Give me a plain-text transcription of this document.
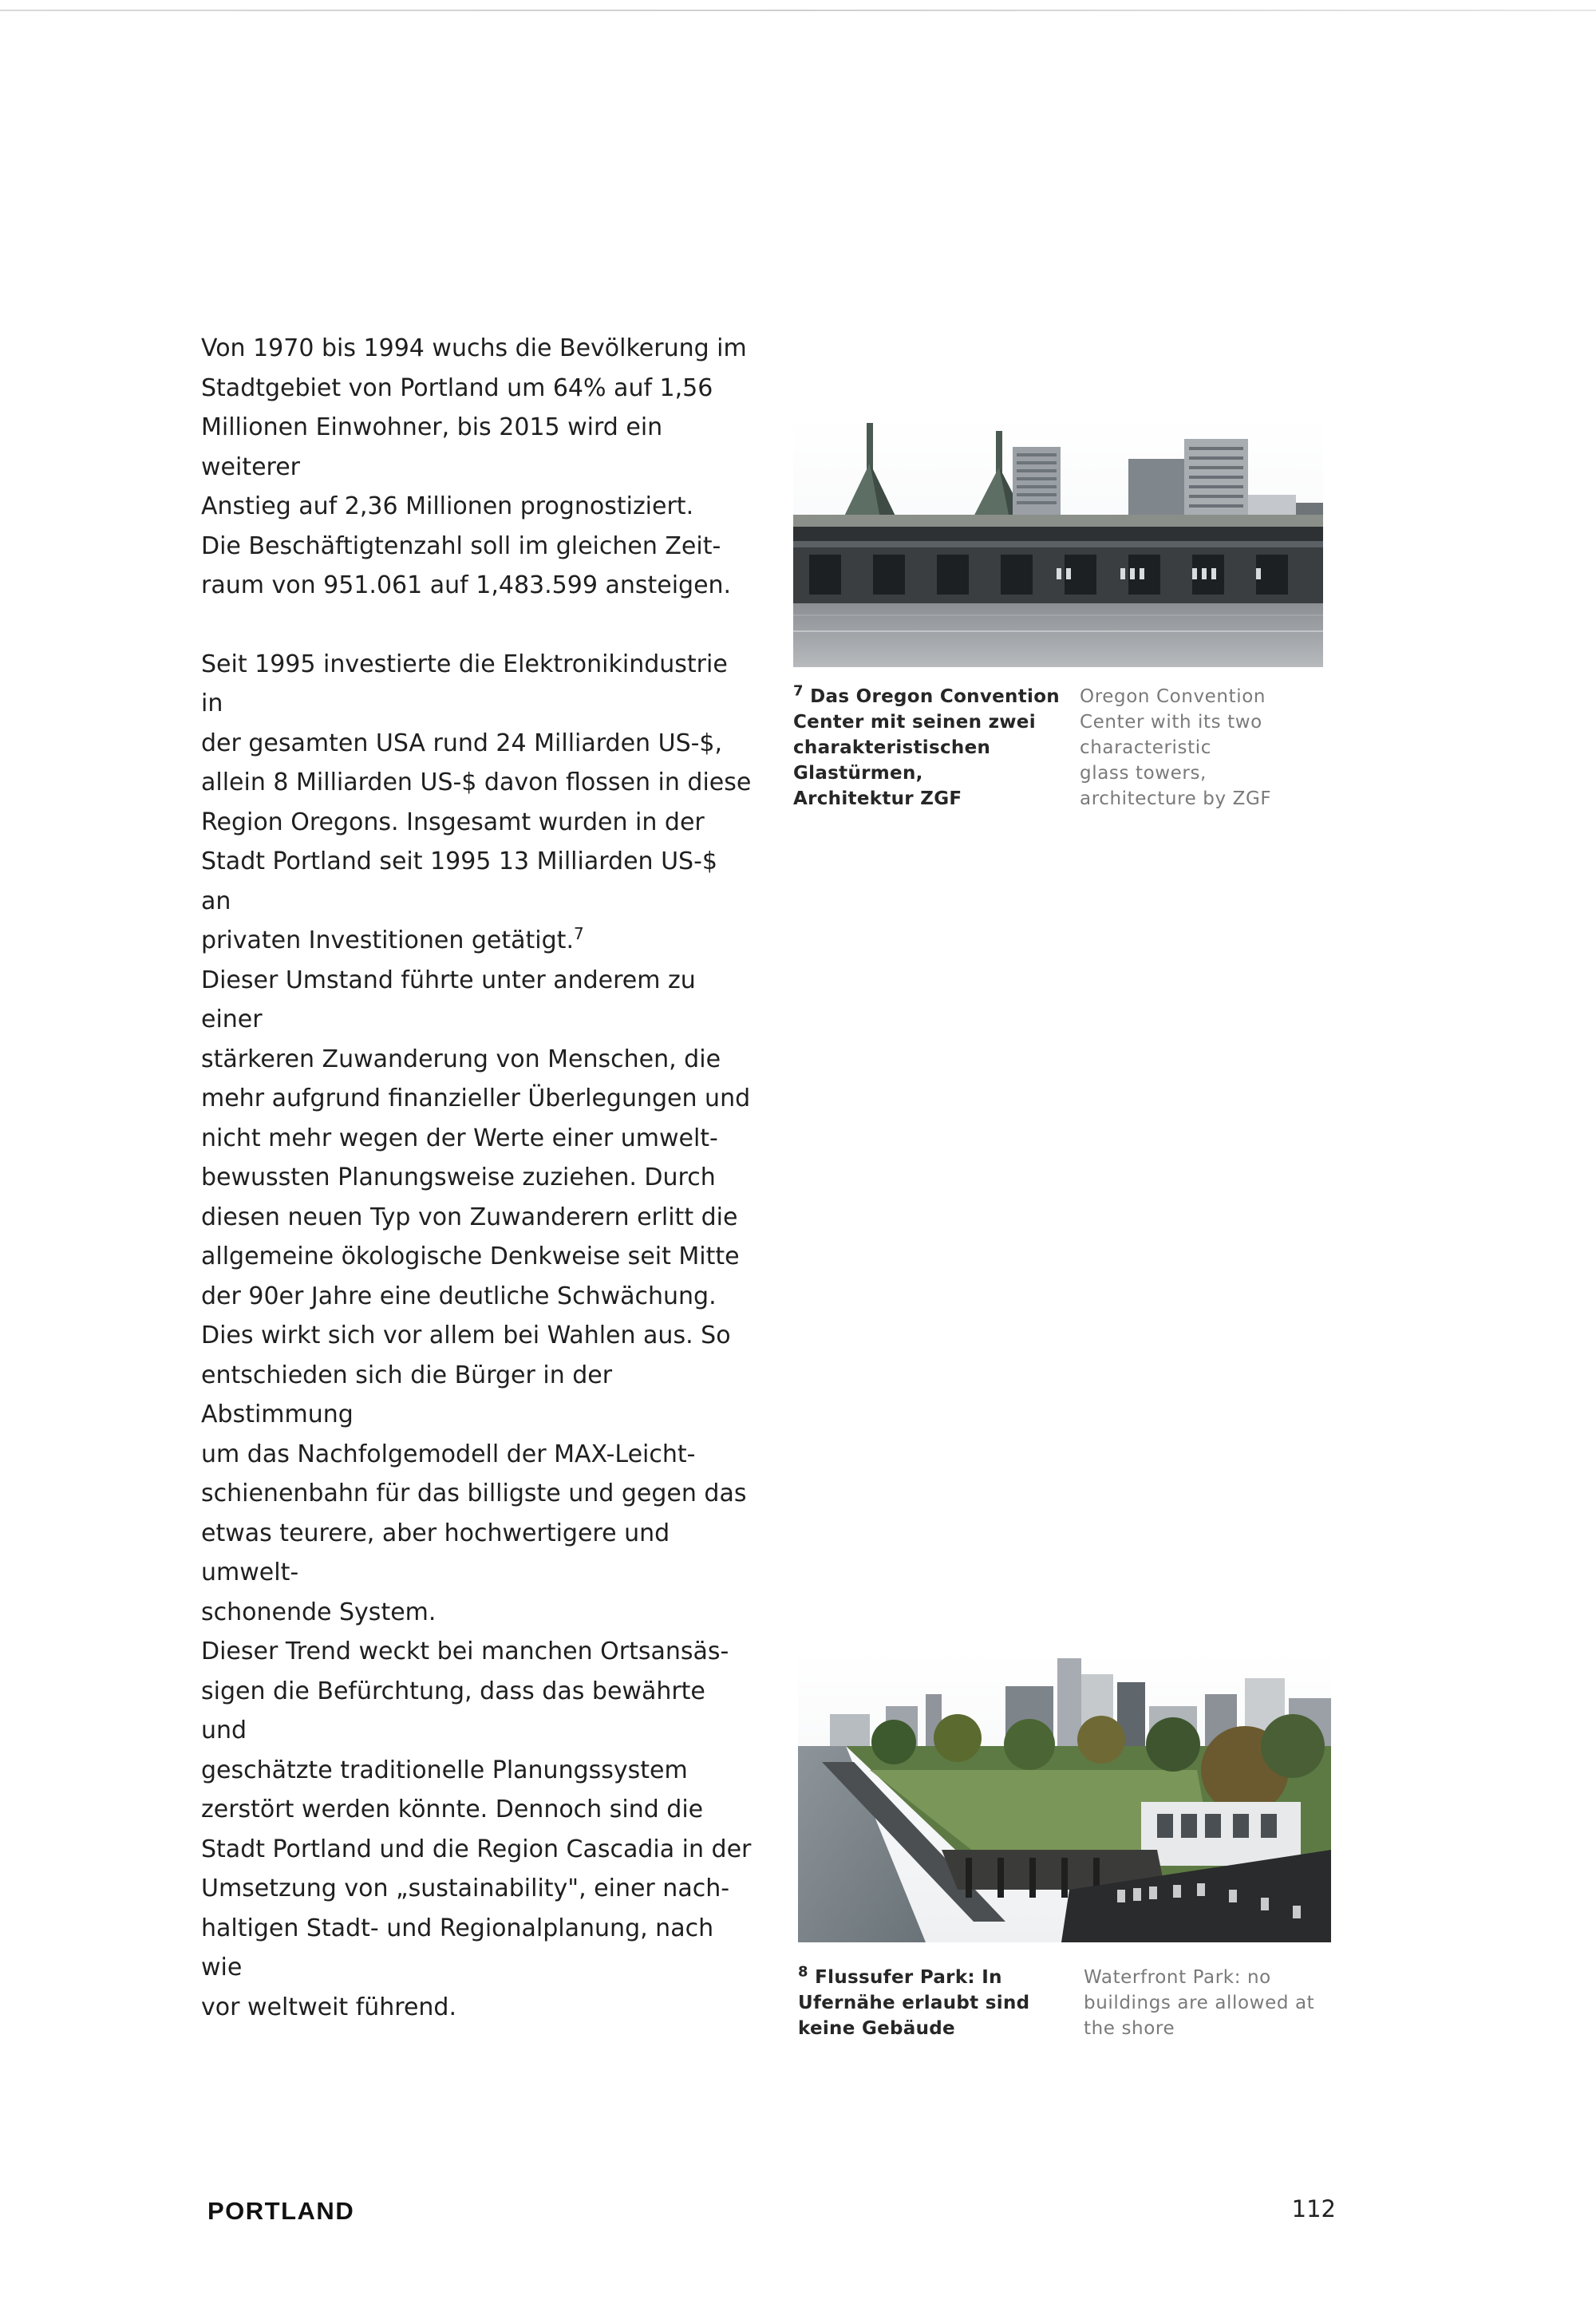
Von 1970 bis 1994 wuchs die Bevölkerung im
Stadtgebiet von Portland um 64% auf 1,56
Millionen Einwohner, bis 2015 wird ein weiterer
Anstieg auf 2,36 Millionen prognostiziert.
Die Beschäftigtenzahl soll im gleichen Zeit-
raum von 951.061 auf 1,483.599 ansteigen.

Seit 1995 investierte die Elektronikindustrie in
der gesamten USA rund 24 Milliarden US-$,
allein 8 Milliarden US-$ davon flossen in diese
Region Oregons. Insgesamt wurden in der
Stadt Portland seit 1995 13 Milliarden US-$ an
privaten Investitionen getätigt.$^7$

Dieser Umstand führte unter anderem zu einer
stärkeren Zuwanderung von Menschen, die
mehr aufgrund finanzieller Überlegungen und
nicht mehr wegen der Werte einer umwelt-
bewussten Planungsweise zuziehen. Durch
diesen neuen Typ von Zuwanderern erlitt die
allgemeine ökologische Denkweise seit Mitte
der 90er Jahre eine deutliche Schwächung.
Dies wirkt sich vor allem bei Wahlen aus. So
entschieden sich die Bürger in der Abstimmung
um das Nachfolgemodell der MAX-Leicht-
schienenbahn für das billigste und gegen das
etwas teurere, aber hochwertigere und umwelt-
schonende System.

Dieser Trend weckt bei manchen Ortsansäs-
sigen die Befürchtung, dass das bewährte und
geschätzte traditionelle Planungssystem
zerstört werden könnte. Dennoch sind die
Stadt Portland und die Region Cascadia in der
Umsetzung von „sustainability", einer nach-
haltigen Stadt- und Regionalplanung, nach wie
vor weltweit führend.

$^7$ Das Oregon Convention
Center mit seinen zwei
charakteristischen
Glastürmen,
Architektur ZGF
Oregon Convention
Center with its two
characteristic
glass towers,
architecture by ZGF
$^8$ Flussufer Park: In
Ufernähe erlaubt sind
keine Gebäude
Waterfront Park: no
buildings are allowed at
the shore
PORTLAND	112
